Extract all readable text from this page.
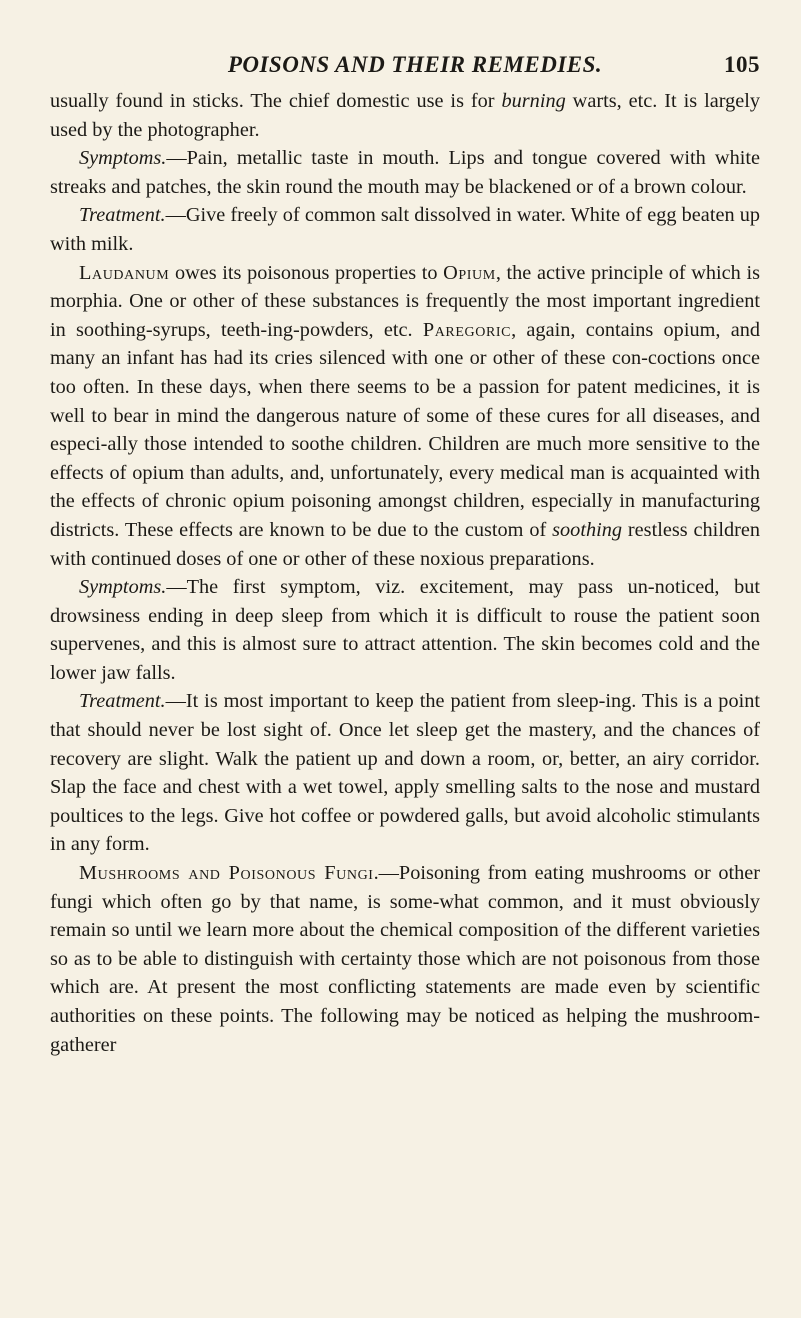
POISONS AND THEIR REMEDIES.	105

usually found in sticks. The chief domestic use is for burning warts, etc. It is largely used by the photographer.

Symptoms.—Pain, metallic taste in mouth. Lips and tongue covered with white streaks and patches, the skin round the mouth may be blackened or of a brown colour.

Treatment.—Give freely of common salt dissolved in water. White of egg beaten up with milk.

Laudanum owes its poisonous properties to Opium, the active principle of which is morphia. One or other of these substances is frequently the most important ingredient in soothing-syrups, teeth-ing-powders, etc. Paregoric, again, contains opium, and many an infant has had its cries silenced with one or other of these con-coctions once too often. In these days, when there seems to be a passion for patent medicines, it is well to bear in mind the dangerous nature of some of these cures for all diseases, and especi-ally those intended to soothe children. Children are much more sensitive to the effects of opium than adults, and, unfortunately, every medical man is acquainted with the effects of chronic opium poisoning amongst children, especially in manufacturing districts. These effects are known to be due to the custom of soothing restless children with continued doses of one or other of these noxious preparations.

Symptoms.—The first symptom, viz. excitement, may pass un-noticed, but drowsiness ending in deep sleep from which it is difficult to rouse the patient soon supervenes, and this is almost sure to attract attention. The skin becomes cold and the lower jaw falls.

Treatment.—It is most important to keep the patient from sleep-ing. This is a point that should never be lost sight of. Once let sleep get the mastery, and the chances of recovery are slight. Walk the patient up and down a room, or, better, an airy corridor. Slap the face and chest with a wet towel, apply smelling salts to the nose and mustard poultices to the legs. Give hot coffee or powdered galls, but avoid alcoholic stimulants in any form.

Mushrooms and Poisonous Fungi.—Poisoning from eating mushrooms or other fungi which often go by that name, is some-what common, and it must obviously remain so until we learn more about the chemical composition of the different varieties so as to be able to distinguish with certainty those which are not poisonous from those which are. At present the most conflicting statements are made even by scientific authorities on these points. The following may be noticed as helping the mushroom-gatherer
